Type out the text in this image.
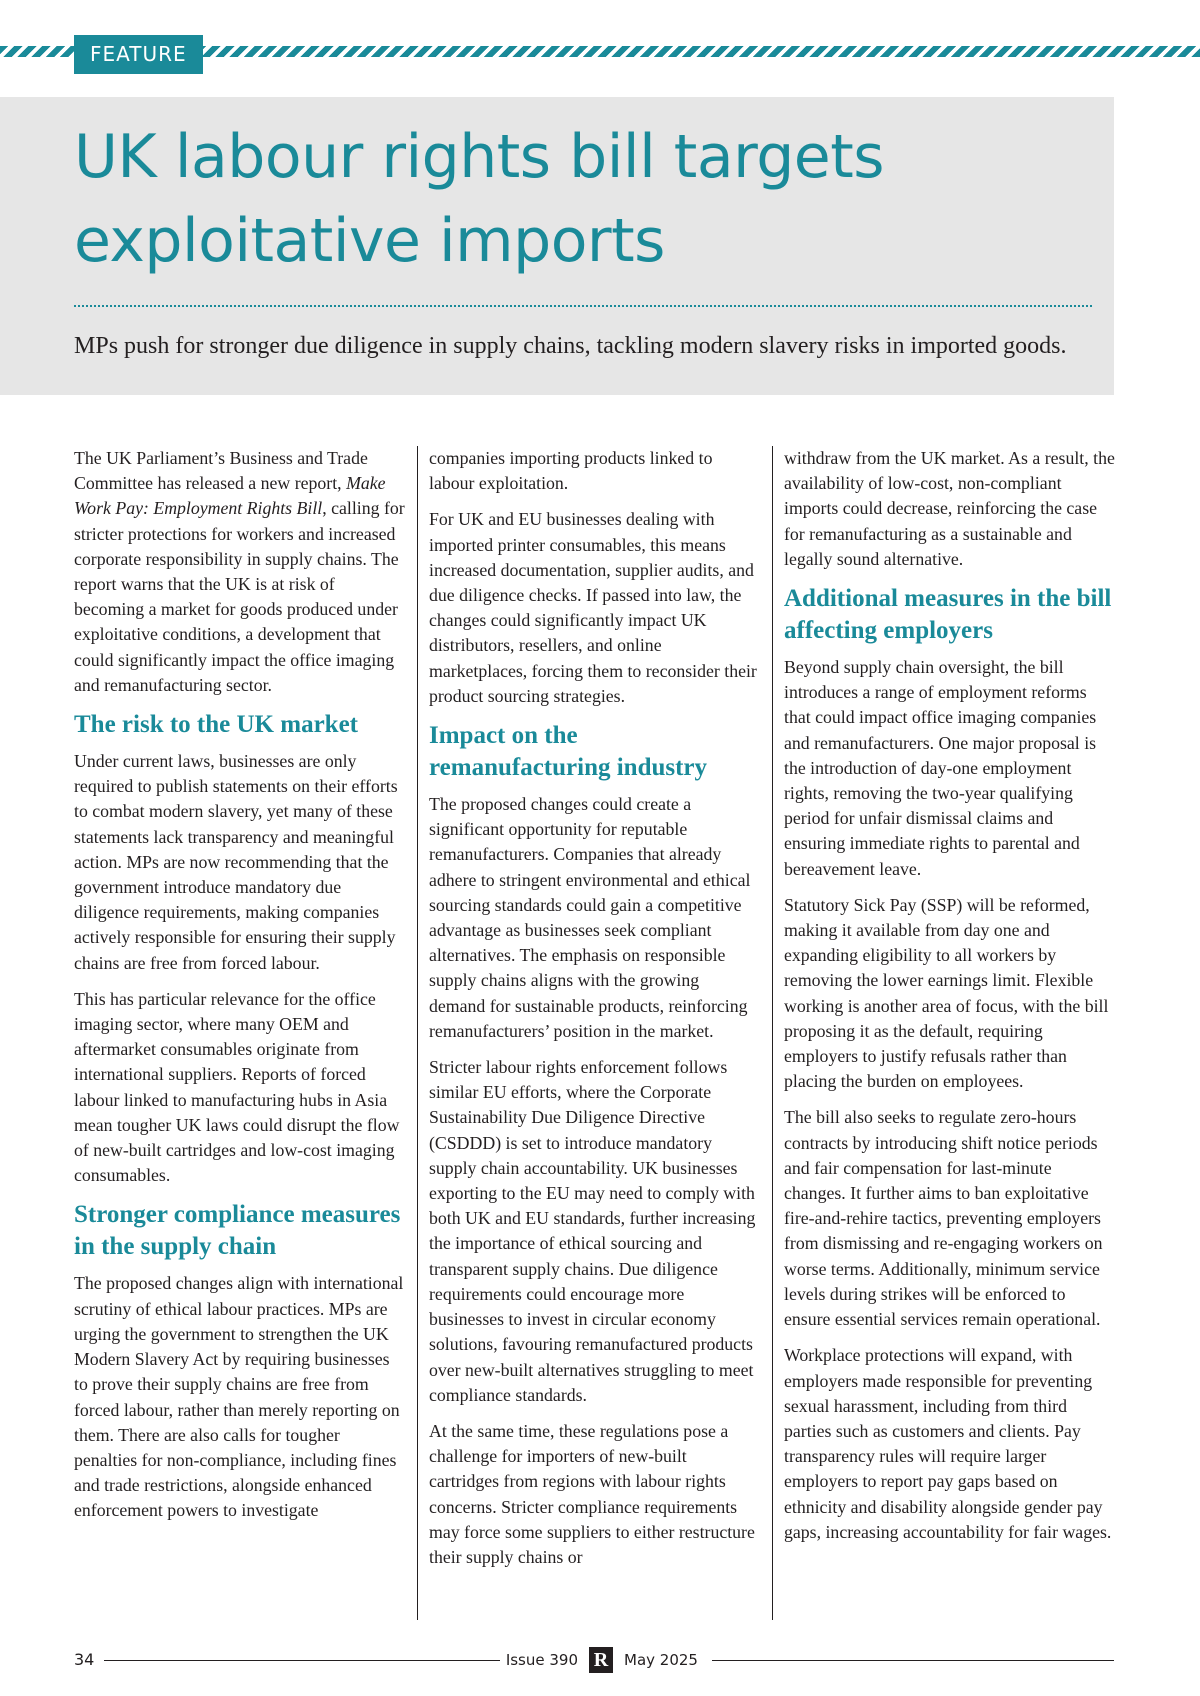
FEATURE
UK labour rights bill targets
exploitative imports

MPs push for stronger due diligence in supply chains, tackling modern slavery risks in imported goods.

The UK Parliament’s Business and Trade Committee has released a new report, Make Work Pay: Employment Rights Bill, calling for stricter protections for workers and increased corporate responsibility in supply chains. The report warns that the UK is at risk of becoming a market for goods produced under exploitative conditions, a development that could significantly impact the office imaging and remanufacturing sector.

The risk to the UK market

Under current laws, businesses are only required to publish statements on their efforts to combat modern slavery, yet many of these statements lack transparency and meaningful action. MPs are now recommending that the government introduce mandatory due diligence requirements, making companies actively responsible for ensuring their supply chains are free from forced labour.

This has particular relevance for the office imaging sector, where many OEM and aftermarket consumables originate from international suppliers. Reports of forced labour linked to manufacturing hubs in Asia mean tougher UK laws could disrupt the flow of new-built cartridges and low-cost imaging consumables.

Stronger compliance measures in the supply chain

The proposed changes align with international scrutiny of ethical labour practices. MPs are urging the government to strengthen the UK Modern Slavery Act by requiring businesses to prove their supply chains are free from forced labour, rather than merely reporting on them. There are also calls for tougher penalties for non-compliance, including fines and trade restrictions, alongside enhanced enforcement powers to investigate

companies importing products linked to labour exploitation.

For UK and EU businesses dealing with imported printer consumables, this means increased documentation, supplier audits, and due diligence checks. If passed into law, the changes could significantly impact UK distributors, resellers, and online marketplaces, forcing them to reconsider their product sourcing strategies.

Impact on the remanufacturing industry

The proposed changes could create a significant opportunity for reputable remanufacturers. Companies that already adhere to stringent environmental and ethical sourcing standards could gain a competitive advantage as businesses seek compliant alternatives. The emphasis on responsible supply chains aligns with the growing demand for sustainable products, reinforcing remanufacturers’ position in the market.

Stricter labour rights enforcement follows similar EU efforts, where the Corporate Sustainability Due Diligence Directive (CSDDD) is set to introduce mandatory supply chain accountability. UK businesses exporting to the EU may need to comply with both UK and EU standards, further increasing the importance of ethical sourcing and transparent supply chains. Due diligence requirements could encourage more businesses to invest in circular economy solutions, favouring remanufactured products over new-built alternatives struggling to meet compliance standards.

At the same time, these regulations pose a challenge for importers of new-built cartridges from regions with labour rights concerns. Stricter compliance requirements may force some suppliers to either restructure their supply chains or

withdraw from the UK market. As a result, the availability of low-cost, non-compliant imports could decrease, reinforcing the case for remanufacturing as a sustainable and legally sound alternative.

Additional measures in the bill affecting employers

Beyond supply chain oversight, the bill introduces a range of employment reforms that could impact office imaging companies and remanufacturers. One major proposal is the introduction of day-one employment rights, removing the two-year qualifying period for unfair dismissal claims and ensuring immediate rights to parental and bereavement leave.

Statutory Sick Pay (SSP) will be reformed, making it available from day one and expanding eligibility to all workers by removing the lower earnings limit. Flexible working is another area of focus, with the bill proposing it as the default, requiring employers to justify refusals rather than placing the burden on employees.

The bill also seeks to regulate zero-hours contracts by introducing shift notice periods and fair compensation for last-minute changes. It further aims to ban exploitative fire-and-rehire tactics, preventing employers from dismissing and re-engaging workers on worse terms. Additionally, minimum service levels during strikes will be enforced to ensure essential services remain operational.

Workplace protections will expand, with employers made responsible for preventing sexual harassment, including from third parties such as customers and clients. Pay transparency rules will require larger employers to report pay gaps based on ethnicity and disability alongside gender pay gaps, increasing accountability for fair wages.

34	Issue 390 R	May 2025
